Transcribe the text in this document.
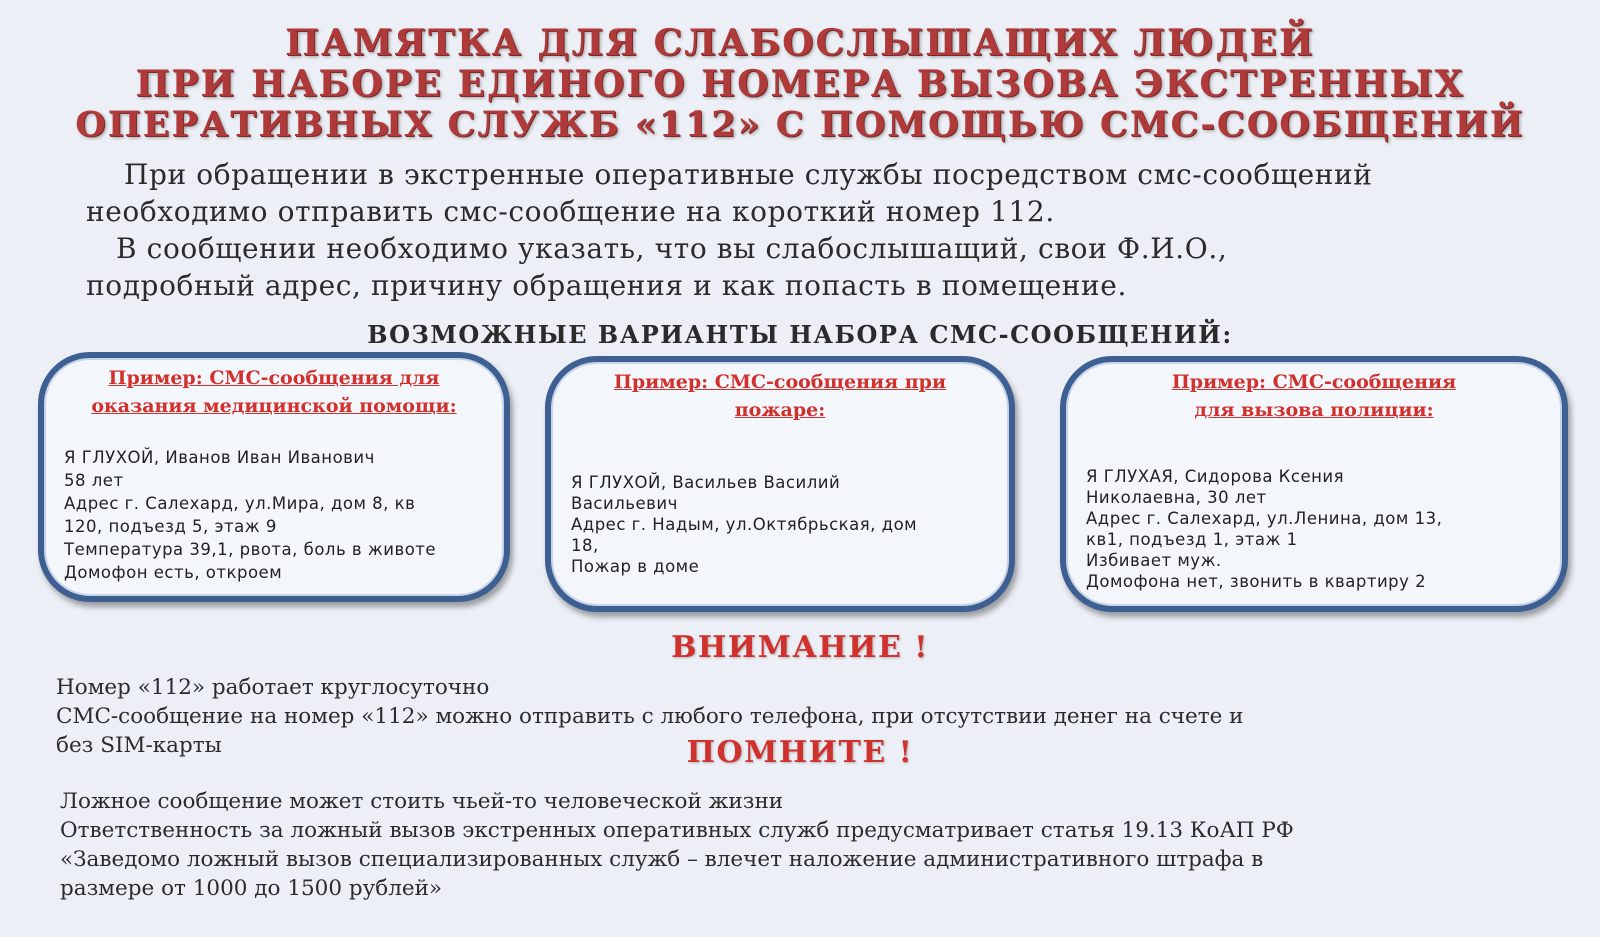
ПАМЯТКА ДЛЯ СЛАБОСЛЫШАЩИХ ЛЮДЕЙ
ПРИ НАБОРЕ ЕДИНОГО НОМЕРА ВЫЗОВА ЭКСТРЕННЫХ
ОПЕРАТИВНЫХ СЛУЖБ «112» С ПОМОЩЬЮ СМС-СООБЩЕНИЙ

При обращении в экстренные оперативные службы посредством смс-сообщений

необходимо отправить смс-сообщение на короткий номер 112.

В сообщении необходимо указать, что вы слабослышащий, свои Ф.И.О.,

подробный адрес, причину обращения и как попасть в помещение.

ВОЗМОЖНЫЕ ВАРИАНТЫ НАБОРА СМС-СООБЩЕНИЙ:

Пример: СМС-сообщения для
оказания медицинской помощи:

Я ГЛУХОЙ, Иванов Иван Иванович
58 лет
Адрес г. Салехард, ул.Мира, дом 8, кв
120, подъезд 5, этаж 9
Температура 39,1, рвота, боль в животе
Домофон есть, откроем

Пример: СМС-сообщения при
пожаре:

Я ГЛУХОЙ, Васильев Василий
Васильевич
Адрес г. Надым, ул.Октябрьская, дом
18,
Пожар в доме

Пример: СМС-сообщения
для вызова полиции:

Я ГЛУХАЯ, Сидорова Ксения
Николаевна, 30 лет
Адрес г. Салехард, ул.Ленина, дом 13,
кв1, подъезд 1, этаж 1
Избивает муж.
Домофона нет, звонить в квартиру 2
ВНИМАНИЕ !

Номер «112» работает круглосуточно

СМС-сообщение на номер «112» можно отправить с любого телефона, при отсутствии денег на счете и

без SIM-карты	ПОМНИТЕ !

Ложное сообщение может стоить чьей-то человеческой жизни

Ответственность за ложный вызов экстренных оперативных служб предусматривает статья 19.13 КоАП РФ

«Заведомо ложный вызов специализированных служб – влечет наложение административного штрафа в

размере от 1000 до 1500 рублей»
